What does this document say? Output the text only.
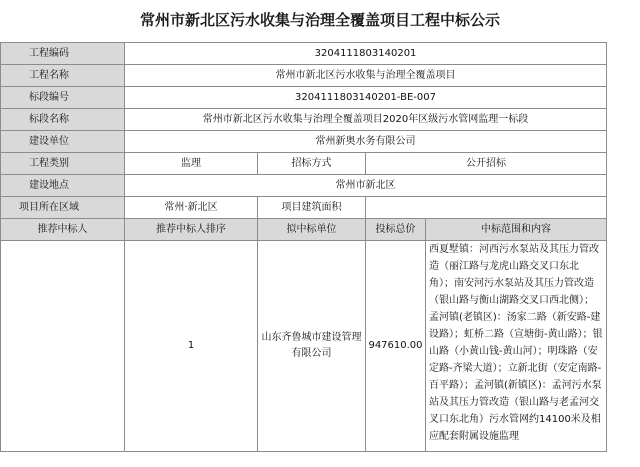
常州市新北区污水收集与治理全覆盖项目工程中标公示
工程编码	3204111803140201			
工程名称	常州市新北区污水收集与治理全覆盖项目			
标段编号	3204111803140201-BE-007			
标段名称	常州市新北区污水收集与治理全覆盖项目2020年区级污水管网监理一标段			
建设单位	常州新奥水务有限公司			
工程类别	监理	招标方式	公开招标	
建设地点	常州市新北区			
项目所在区域	常州·新北区	项目建筑面积		
推荐中标人	推荐中标人排序	拟中标单位	投标总价	中标范围和内容
	1	山东齐鲁城市建设管理有限公司	947610.00	西夏墅镇：河西污水泵站及其压力管改造（丽江路与龙虎山路交叉口东北角）；南安河污水泵站及其压力管改造（银山路与衡山湖路交叉口西北侧）；孟河镇(老镇区)：汤家二路（新安路-建设路）；虹桥二路（宣塘街-黄山路）；银山路（小黄山钱-黄山河）；明珠路（安定路-齐梁大道）；立新北街（安定南路-百平路）；孟河镇(新镇区)：孟河污水泵站及其压力管改造（银山路与老孟河交叉口东北角）污水管网约14100米及相应配套附属设施监理
